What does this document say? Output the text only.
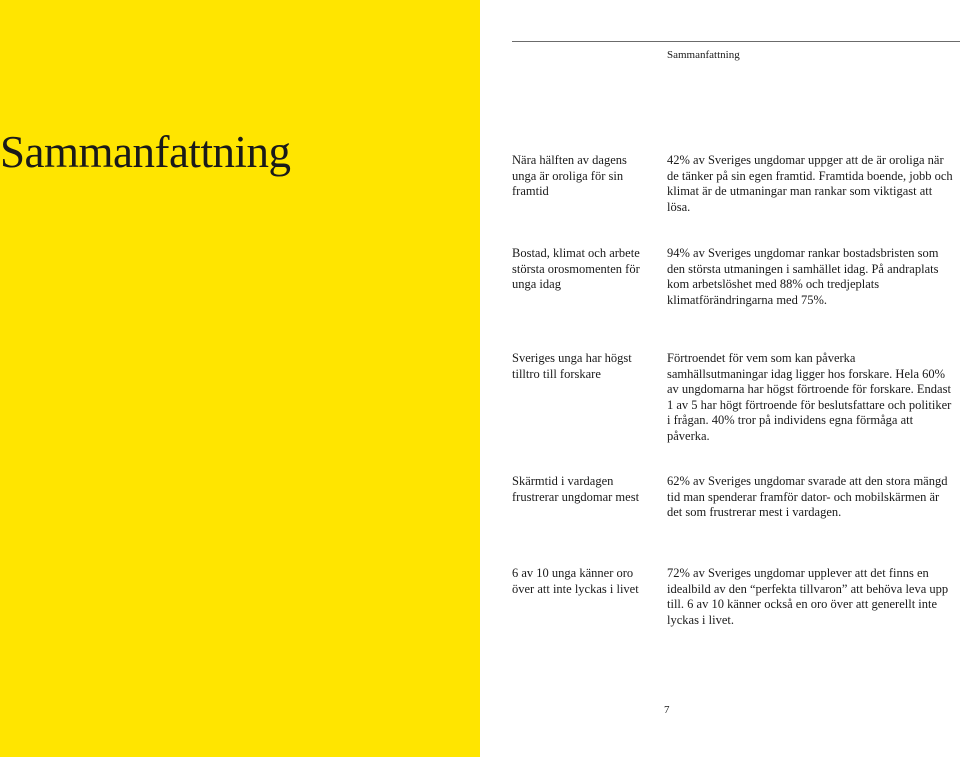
Sammanfattning
Sammanfattning

Nära hälften av dagens unga är oroliga för sin framtid

42% av Sveriges ungdomar uppger att de är oroliga när de tänker på sin egen framtid. Framtida boende, jobb och klimat är de utmaningar man rankar som viktigast att lösa.

Bostad, klimat och arbete största orosmomenten för unga idag

94% av Sveriges ungdomar rankar bostadsbristen som den största utmaningen i samhället idag. På andraplats kom arbetslöshet med 88% och tredjeplats klimatförändringarna med 75%.

Sveriges unga har högst tilltro till forskare

Förtroendet för vem som kan påverka samhällsutmaningar idag ligger hos forskare. Hela 60% av ungdomarna har högst förtroende för forskare. Endast 1 av 5 har högt förtroende för beslutsfattare och politiker i frågan. 40% tror på individens egna förmåga att påverka.

Skärmtid i vardagen frustrerar ungdomar mest

62% av Sveriges ungdomar svarade att den stora mängd tid man spenderar framför dator- och mobilskärmen är det som frustrerar mest i vardagen.

6 av 10 unga känner oro över att inte lyckas i livet

72% av Sveriges ungdomar upplever att det finns en idealbild av den “perfekta tillvaron” att behöva leva upp till. 6 av 10 känner också en oro över att generellt inte lyckas i livet.

7
